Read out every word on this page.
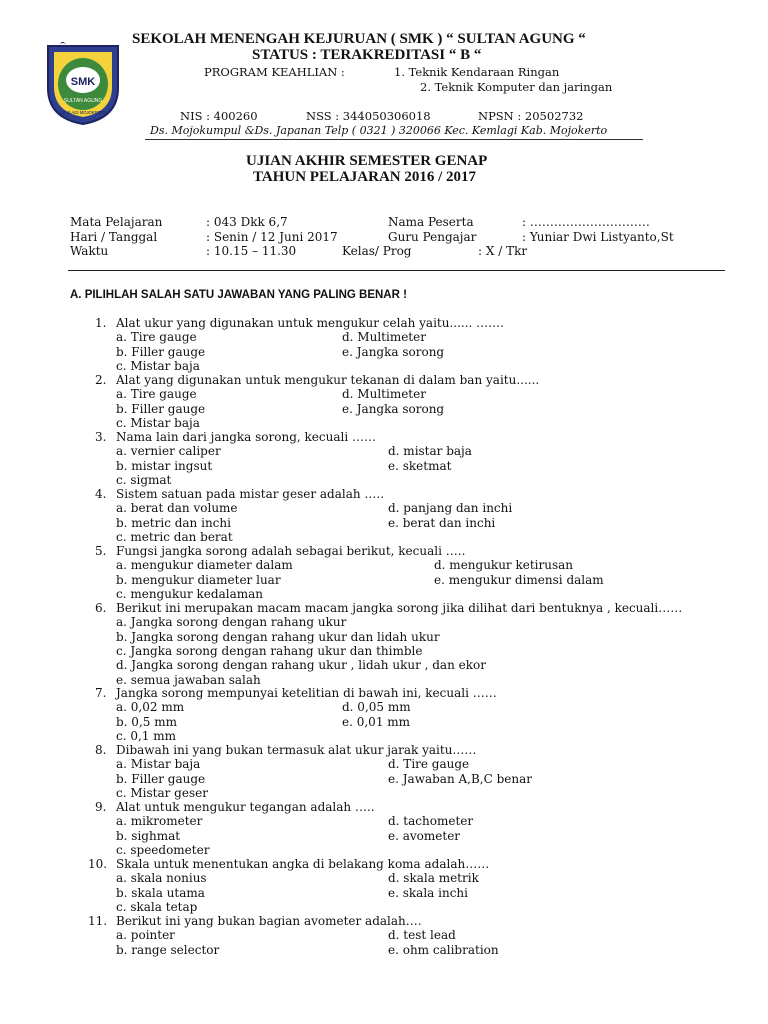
SMK
SULTAN AGUNG
KEMLAGI MOJOKERTO
SEKOLAH MENENGAH KEJURUAN ( SMK ) “ SULTAN AGUNG “
STATUS : TERAKREDITASI “ B “
PROGRAM KEAHLIAN :	1. Teknik Kendaraan Ringan
2. Teknik Komputer dan jaringan
NIS : 400260	NSS : 344050306018	NPSN : 20502732
Ds. Mojokumpul &Ds. Japanan Telp ( 0321 ) 320066 Kec. Kemlagi Kab. Mojokerto
UJIAN AKHIR SEMESTER GENAP
TAHUN PELAJARAN 2016 / 2017
Mata Pelajaran	: 043 Dkk 6,7	Nama Peserta	: …………………………
Hari / Tanggal	: Senin / 12 Juni 2017	Guru Pengajar	: Yuniar Dwi Listyanto,St
Waktu	: 10.15 – 11.30	Kelas/ Prog	: X / Tkr
A. PILIHLAH SALAH SATU JAWABAN YANG PALING BENAR !
1. Alat ukur yang digunakan untuk mengukur celah yaitu...... …….
a. Tire gauge	d. Multimeter
b. Filler gauge	e. Jangka sorong
c. Mistar baja
2. Alat yang digunakan untuk mengukur tekanan di dalam ban yaitu......
a. Tire gauge	d. Multimeter
b. Filler gauge	e. Jangka sorong
c. Mistar baja
3. Nama lain dari jangka sorong, kecuali ……
a. vernier caliper	d. mistar baja
b. mistar ingsut	e. sketmat
c. sigmat
4. Sistem satuan pada mistar geser adalah …..
a. berat dan volume	d. panjang dan inchi
b. metric dan inchi	e. berat dan inchi
c. metric dan berat
5. Fungsi jangka sorong adalah sebagai berikut, kecuali …..
a. mengukur diameter dalam	d. mengukur ketirusan
b. mengukur diameter luar	e. mengukur dimensi dalam
c. mengukur kedalaman
6. Berikut ini merupakan macam macam jangka sorong jika dilihat dari bentuknya , kecuali……
a. Jangka sorong dengan rahang ukur
b. Jangka sorong dengan rahang ukur dan lidah ukur
c. Jangka sorong dengan rahang ukur dan thimble
d. Jangka sorong dengan rahang ukur , lidah ukur , dan ekor
e. semua jawaban salah
7. Jangka sorong mempunyai ketelitian di bawah ini, kecuali ……
a. 0,02 mm	d. 0,05 mm
b. 0,5 mm	e. 0,01 mm
c. 0,1 mm
8. Dibawah ini yang bukan termasuk alat ukur jarak yaitu……
a. Mistar baja	d. Tire gauge
b. Filler gauge	e. Jawaban A,B,C benar
c. Mistar geser
9. Alat untuk mengukur tegangan adalah …..
a. mikrometer	d. tachometer
b. sighmat	e. avometer
c. speedometer
10. Skala untuk menentukan angka di belakang koma adalah……
a. skala nonius	d. skala metrik
b. skala utama	e. skala inchi
c. skala tetap
11. Berikut ini yang bukan bagian avometer adalah….
a. pointer	d. test lead
b. range selector	e. ohm calibration
